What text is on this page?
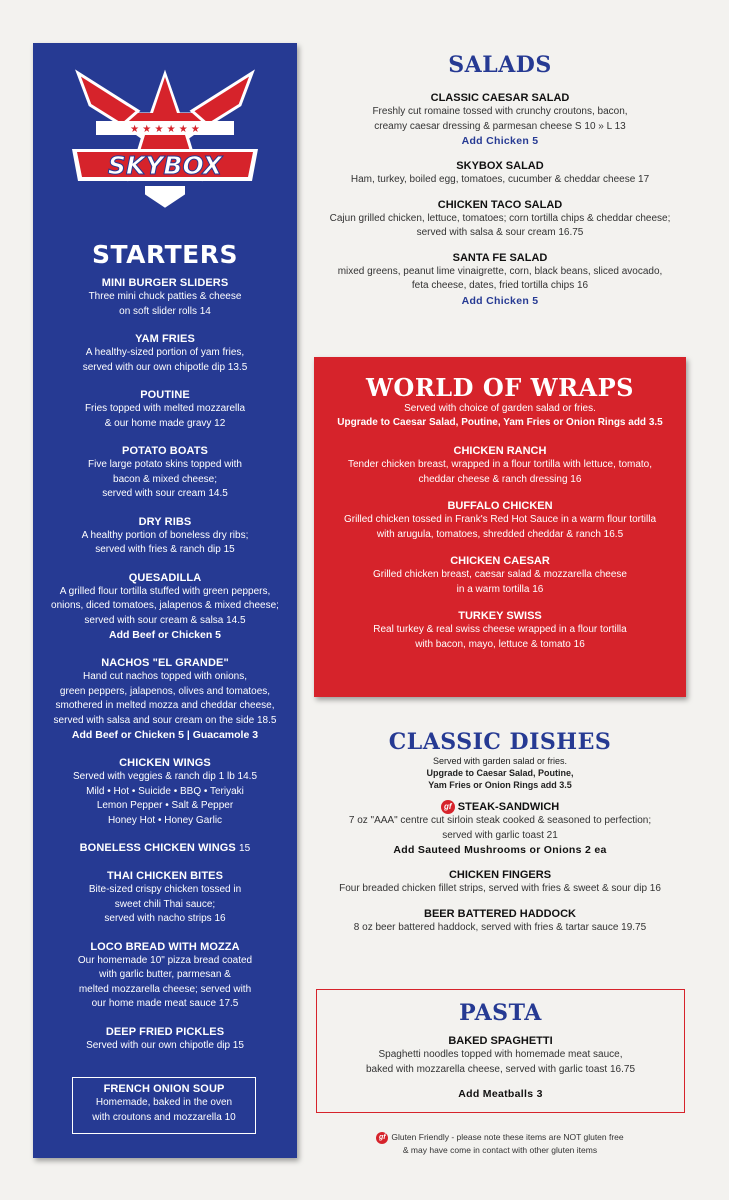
★ ★ ★ ★ ★ ★
SKYBOX
STARTERS
MINI BURGER SLIDERS
Three mini chuck patties & cheese
on soft slider rolls 14
YAM FRIES
A healthy-sized portion of yam fries,
served with our own chipotle dip 13.5
POUTINE
Fries topped with melted mozzarella
& our home made gravy 12
POTATO BOATS
Five large potato skins topped with
bacon & mixed cheese;
served with sour cream 14.5
DRY RIBS
A healthy portion of boneless dry ribs;
served with fries & ranch dip 15
QUESADILLA
A grilled flour tortilla stuffed with green peppers,
onions, diced tomatoes, jalapenos & mixed cheese;
served with sour cream & salsa 14.5
Add Beef or Chicken 5
NACHOS "EL GRANDE"
Hand cut nachos topped with onions,
green peppers, jalapenos, olives and tomatoes,
smothered in melted mozza and cheddar cheese,
served with salsa and sour cream on the side 18.5
Add Beef or Chicken 5 | Guacamole 3
CHICKEN WINGS
Served with veggies & ranch dip 1 lb 14.5
Mild • Hot • Suicide • BBQ • Teriyaki
Lemon Pepper • Salt & Pepper
Honey Hot • Honey Garlic
BONELESS CHICKEN WINGS 15
THAI CHICKEN BITES
Bite-sized crispy chicken tossed in
sweet chili Thai sauce;
served with nacho strips 16
LOCO BREAD WITH MOZZA
Our homemade 10" pizza bread coated
with garlic butter, parmesan &
melted mozzarella cheese; served with
our home made meat sauce 17.5
DEEP FRIED PICKLES
Served with our own chipotle dip 15
FRENCH ONION SOUP
Homemade, baked in the oven
with croutons and mozzarella 10
SALADS
CLASSIC CAESAR SALAD
Freshly cut romaine tossed with crunchy croutons, bacon,
creamy caesar dressing & parmesan cheese S 10 » L 13
Add Chicken 5
SKYBOX SALAD
Ham, turkey, boiled egg, tomatoes, cucumber & cheddar cheese 17
CHICKEN TACO SALAD
Cajun grilled chicken, lettuce, tomatoes; corn tortilla chips & cheddar cheese;
served with salsa & sour cream 16.75
SANTA FE SALAD
mixed greens, peanut lime vinaigrette, corn, black beans, sliced avocado,
feta cheese, dates, fried tortilla chips 16
Add Chicken 5
WORLD OF WRAPS
Served with choice of garden salad or fries.
Upgrade to Caesar Salad, Poutine, Yam Fries or Onion Rings add 3.5
CHICKEN RANCH
Tender chicken breast, wrapped in a flour tortilla with lettuce, tomato,
cheddar cheese & ranch dressing 16
BUFFALO CHICKEN
Grilled chicken tossed in Frank's Red Hot Sauce in a warm flour tortilla
with arugula, tomatoes, shredded cheddar & ranch 16.5
CHICKEN CAESAR
Grilled chicken breast, caesar salad & mozzarella cheese
in a warm tortilla 16
TURKEY SWISS
Real turkey & real swiss cheese wrapped in a flour tortilla
with bacon, mayo, lettuce & tomato 16
CLASSIC DISHES
Served with garden salad or fries.
Upgrade to Caesar Salad, Poutine,
Yam Fries or Onion Rings add 3.5
gf STEAK-SANDWICH
7 oz "AAA" centre cut sirloin steak cooked & seasoned to perfection;
served with garlic toast 21
Add Sauteed Mushrooms or Onions 2 ea
CHICKEN FINGERS
Four breaded chicken fillet strips, served with fries & sweet & sour dip 16
BEER BATTERED HADDOCK
8 oz beer battered haddock, served with fries & tartar sauce 19.75
PASTA
BAKED SPAGHETTI
Spaghetti noodles topped with homemade meat sauce,
baked with mozzarella cheese, served with garlic toast 16.75
Add Meatballs 3
gf Gluten Friendly - please note these items are NOT gluten free
& may have come in contact with other gluten items
